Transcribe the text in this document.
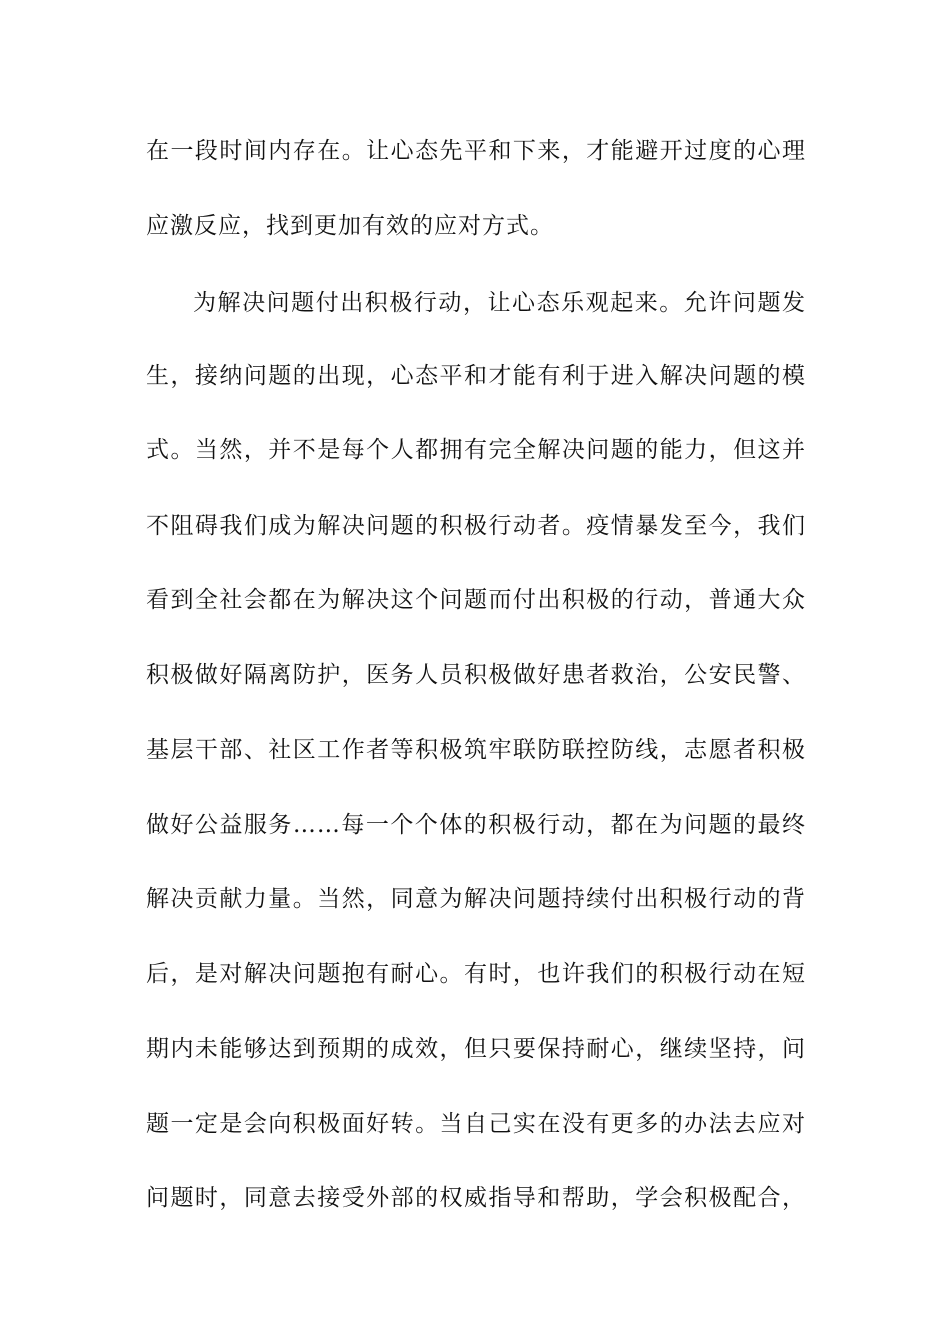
在一段时间内存在。让心态先平和下来，才能避开过度的心理
应激反应，找到更加有效的应对方式。
为解决问题付出积极行动，让心态乐观起来。允许问题发
生，接纳问题的出现，心态平和才能有利于进入解决问题的模
式。当然，并不是每个人都拥有完全解决问题的能力，但这并
不阻碍我们成为解决问题的积极行动者。疫情暴发至今，我们
看到全社会都在为解决这个问题而付出积极的行动，普通大众
积极做好隔离防护，医务人员积极做好患者救治，公安民警、
基层干部、社区工作者等积极筑牢联防联控防线，志愿者积极
做好公益服务……每一个个体的积极行动，都在为问题的最终
解决贡献力量。当然，同意为解决问题持续付出积极行动的背
后，是对解决问题抱有耐心。有时，也许我们的积极行动在短
期内未能够达到预期的成效，但只要保持耐心，继续坚持，问
题一定是会向积极面好转。当自己实在没有更多的办法去应对
问题时，同意去接受外部的权威指导和帮助，学会积极配合，
